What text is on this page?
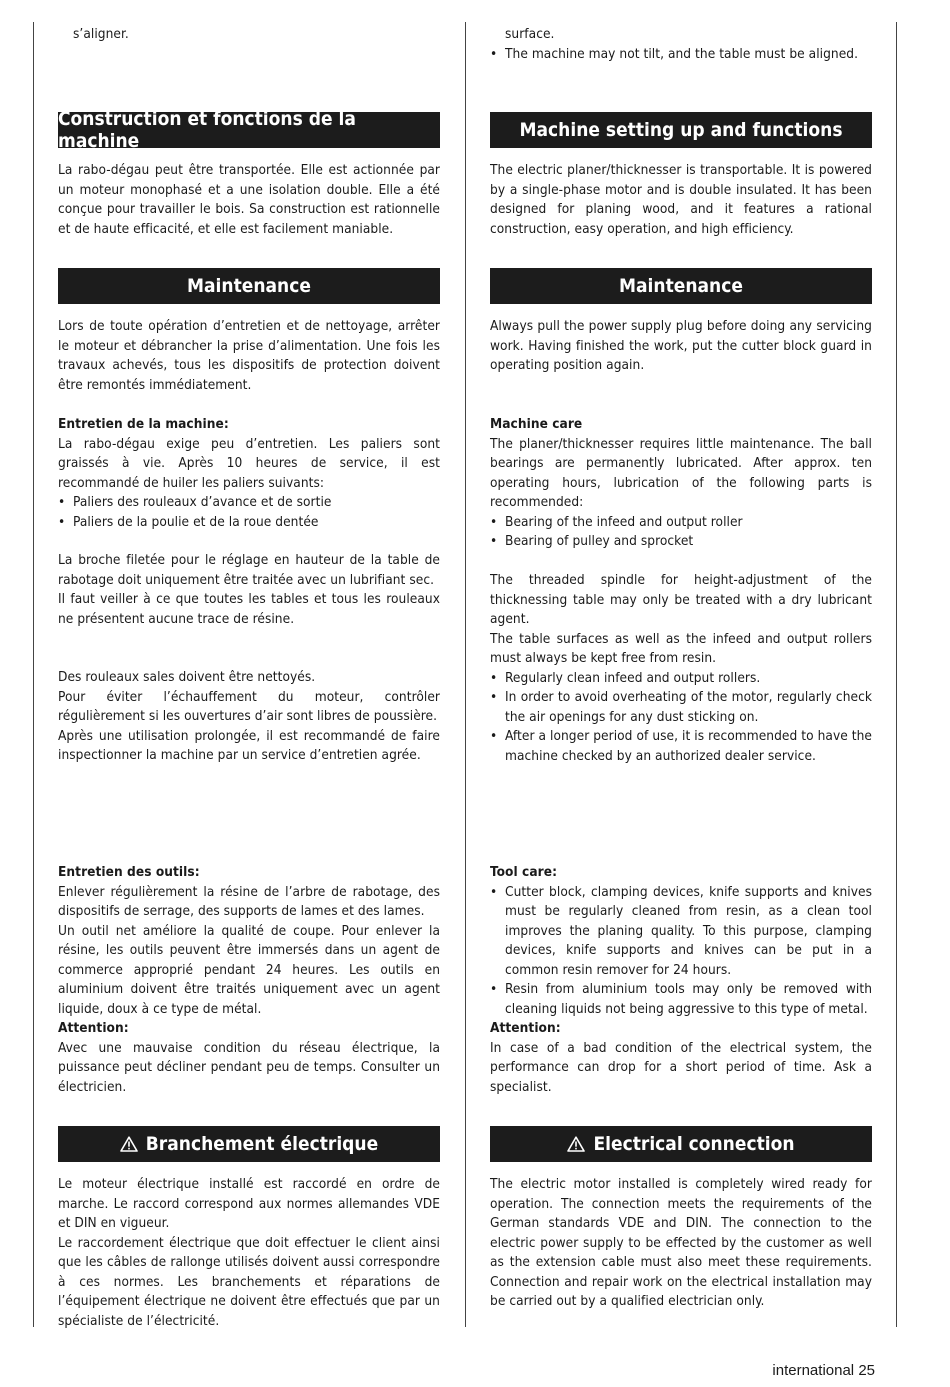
s’aligner.

Construction et fonctions de la machine

La rabo-dégau peut être transportée. Elle est actionnée par un moteur monophasé et a une isolation double. Elle a été conçue pour travailler le bois. Sa construction est rationnelle et de haute efficacité, et elle est facilement maniable.

Maintenance

Lors de toute opération d’entretien et de nettoyage, arrêter le moteur et débrancher la prise d’alimentation. Une fois les travaux achevés, tous les dispositifs de protection doivent être remontés immédiatement.

Entretien de la machine:

La rabo-dégau exige peu d’entretien. Les paliers sont graissés à vie. Après 10 heures de service, il est recommandé de huiler les paliers suivants:

• Paliers des rouleaux d’avance et de sortie
• Paliers de la poulie et de la roue dentée

La broche filetée pour le réglage en hauteur de la table de rabotage doit uniquement être traitée avec un lubrifiant sec.

Il faut veiller à ce que toutes les tables et tous les rouleaux ne présentent aucune trace de résine.

Des rouleaux sales doivent être nettoyés.

Pour éviter l’échauffement du moteur, contrôler régulièrement si les ouvertures d’air sont libres de poussière.

Après une utilisation prolongée, il est recommandé de faire inspectionner la machine par un service d’entretien agrée.

Entretien des outils:

Enlever régulièrement la résine de l’arbre de rabotage, des dispositifs de serrage, des supports de lames et des lames.

Un outil net améliore la qualité de coupe. Pour enlever la résine, les outils peuvent être immersés dans un agent de commerce approprié pendant 24 heures. Les outils en aluminium doivent être traités uniquement avec un agent liquide, doux à ce type de métal.

Attention:

Avec une mauvaise condition du réseau électrique, la puissance peut décliner pendant peu de temps. Consulter un électricien.

Branchement électrique

Le moteur électrique installé est raccordé en ordre de marche. Le raccord correspond aux normes allemandes VDE et DIN en vigueur.

Le raccordement électrique que doit effectuer le client ainsi que les câbles de rallonge utilisés doivent aussi correspondre à ces normes. Les branchements et réparations de l’équipement électrique ne doivent être effectués que par un spécialiste de l’électricité.

surface.

• The machine may not tilt, and the table must be aligned.
Machine setting up and functions

The electric planer/thicknesser is transportable. It is powered by a single-phase motor and is double insulated. It has been designed for planing wood, and it features a rational construction, easy operation, and high efficiency.

Maintenance

Always pull the power supply plug before doing any servicing work. Having finished the work, put the cutter block guard in operating position again.

Machine care

The planer/thicknesser requires little maintenance. The ball bearings are permanently lubricated. After approx. ten operating hours, lubrication of the following parts is recommended:

• Bearing of the infeed and output roller
• Bearing of pulley and sprocket

The threaded spindle for height-adjustment of the thicknessing table may only be treated with a dry lubricant agent.

The table surfaces as well as the infeed and output rollers must always be kept free from resin.

• Regularly clean infeed and output rollers.
• In order to avoid overheating of the motor, regularly check the air openings for any dust sticking on.
• After a longer period of use, it is recommended to have the machine checked by an authorized dealer service.
Tool care:
• Cutter block, clamping devices, knife supports and knives must be regularly cleaned from resin, as a clean tool improves the planing quality. To this purpose, clamping devices, knife supports and knives can be put in a common resin remover for 24 hours.
• Resin from aluminium tools may only be removed with cleaning liquids not being aggressive to this type of metal.
Attention:

In case of a bad condition of the electrical system, the performance can drop for a short period of time. Ask a specialist.

Electrical connection

The electric motor installed is completely wired ready for operation. The connection meets the requirements of the German standards VDE and DIN. The connection to the electric power supply to be effected by the customer as well as the extension cable must also meet these requirements. Connection and repair work on the electrical installation may be carried out by a qualified electrician only.

international 25
